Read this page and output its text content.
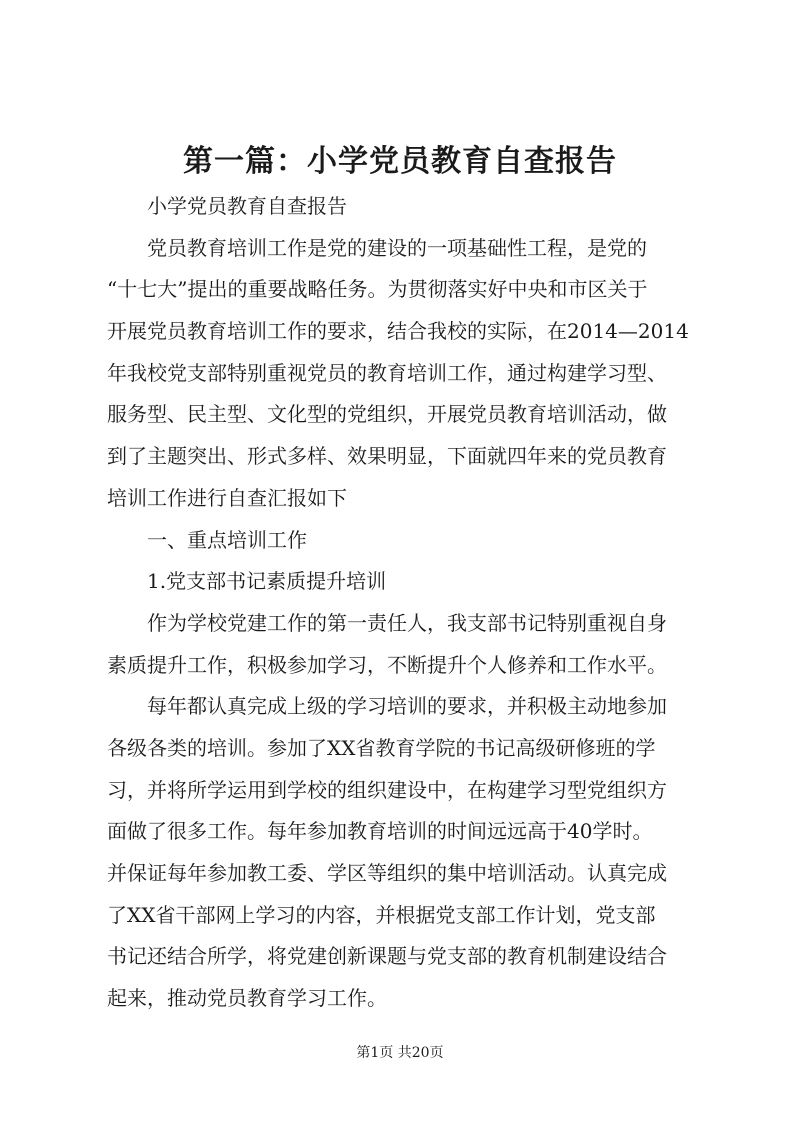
第一篇：小学党员教育自查报告
小学党员教育自查报告
党员教育培训工作是党的建设的一项基础性工程，是党的
“十七大”提出的重要战略任务。为贯彻落实好中央和市区关于
开展党员教育培训工作的要求，结合我校的实际，在2014—2014
年我校党支部特别重视党员的教育培训工作，通过构建学习型、
服务型、民主型、文化型的党组织，开展党员教育培训活动，做
到了主题突出、形式多样、效果明显，下面就四年来的党员教育
培训工作进行自查汇报如下
一、重点培训工作
1.党支部书记素质提升培训
作为学校党建工作的第一责任人，我支部书记特别重视自身
素质提升工作，积极参加学习，不断提升个人修养和工作水平。
每年都认真完成上级的学习培训的要求，并积极主动地参加
各级各类的培训。参加了XX省教育学院的书记高级研修班的学
习，并将所学运用到学校的组织建设中，在构建学习型党组织方
面做了很多工作。每年参加教育培训的时间远远高于40学时。
并保证每年参加教工委、学区等组织的集中培训活动。认真完成
了XX省干部网上学习的内容，并根据党支部工作计划，党支部
书记还结合所学，将党建创新课题与党支部的教育机制建设结合
起来，推动党员教育学习工作。
第1页 共20页
